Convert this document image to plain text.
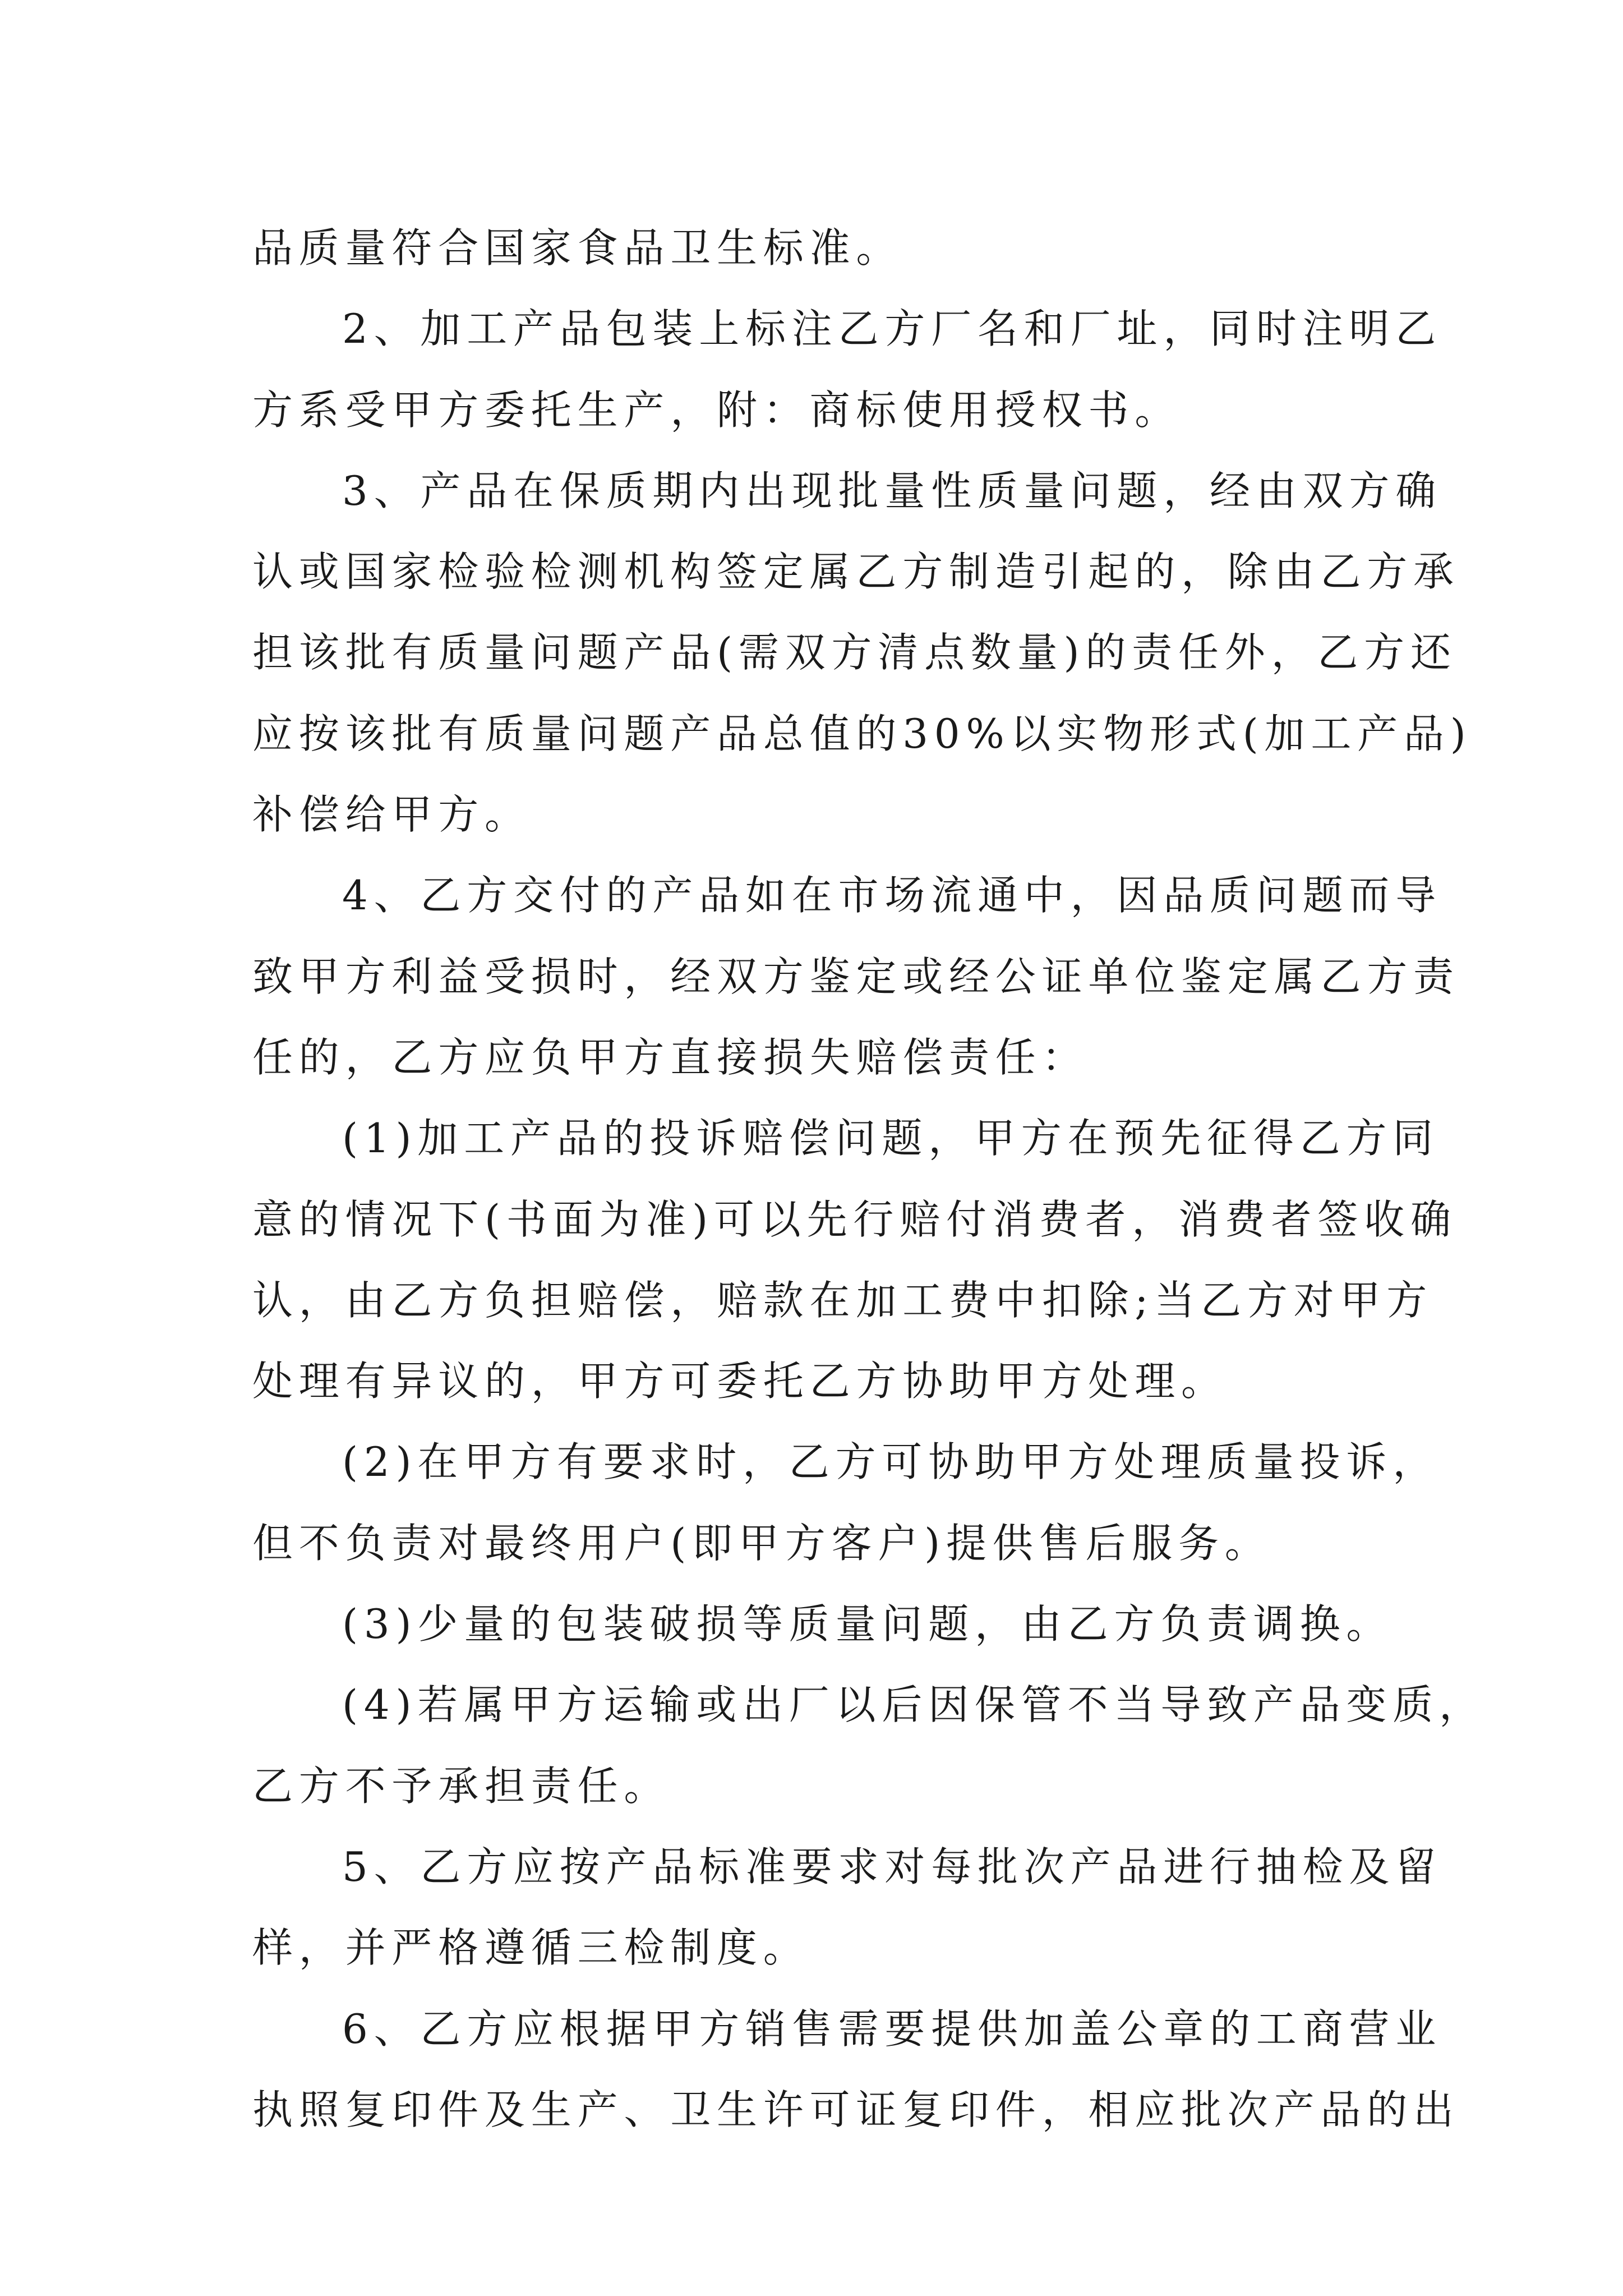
品质量符合国家食品卫生标准。
2、加工产品包装上标注乙方厂名和厂址，同时注明乙
方系受甲方委托生产，附：商标使用授权书。
3、产品在保质期内出现批量性质量问题，经由双方确
认或国家检验检测机构签定属乙方制造引起的，除由乙方承
担该批有质量问题产品(需双方清点数量)的责任外，乙方还
应按该批有质量问题产品总值的30%以实物形式(加工产品)
补偿给甲方。
4、乙方交付的产品如在市场流通中，因品质问题而导
致甲方利益受损时，经双方鉴定或经公证单位鉴定属乙方责
任的，乙方应负甲方直接损失赔偿责任：
(1)加工产品的投诉赔偿问题，甲方在预先征得乙方同
意的情况下(书面为准)可以先行赔付消费者，消费者签收确
认，由乙方负担赔偿，赔款在加工费中扣除;当乙方对甲方
处理有异议的，甲方可委托乙方协助甲方处理。
(2)在甲方有要求时，乙方可协助甲方处理质量投诉，
但不负责对最终用户(即甲方客户)提供售后服务。
(3)少量的包装破损等质量问题，由乙方负责调换。
(4)若属甲方运输或出厂以后因保管不当导致产品变质，
乙方不予承担责任。
5、乙方应按产品标准要求对每批次产品进行抽检及留
样，并严格遵循三检制度。
6、乙方应根据甲方销售需要提供加盖公章的工商营业
执照复印件及生产、卫生许可证复印件，相应批次产品的出
